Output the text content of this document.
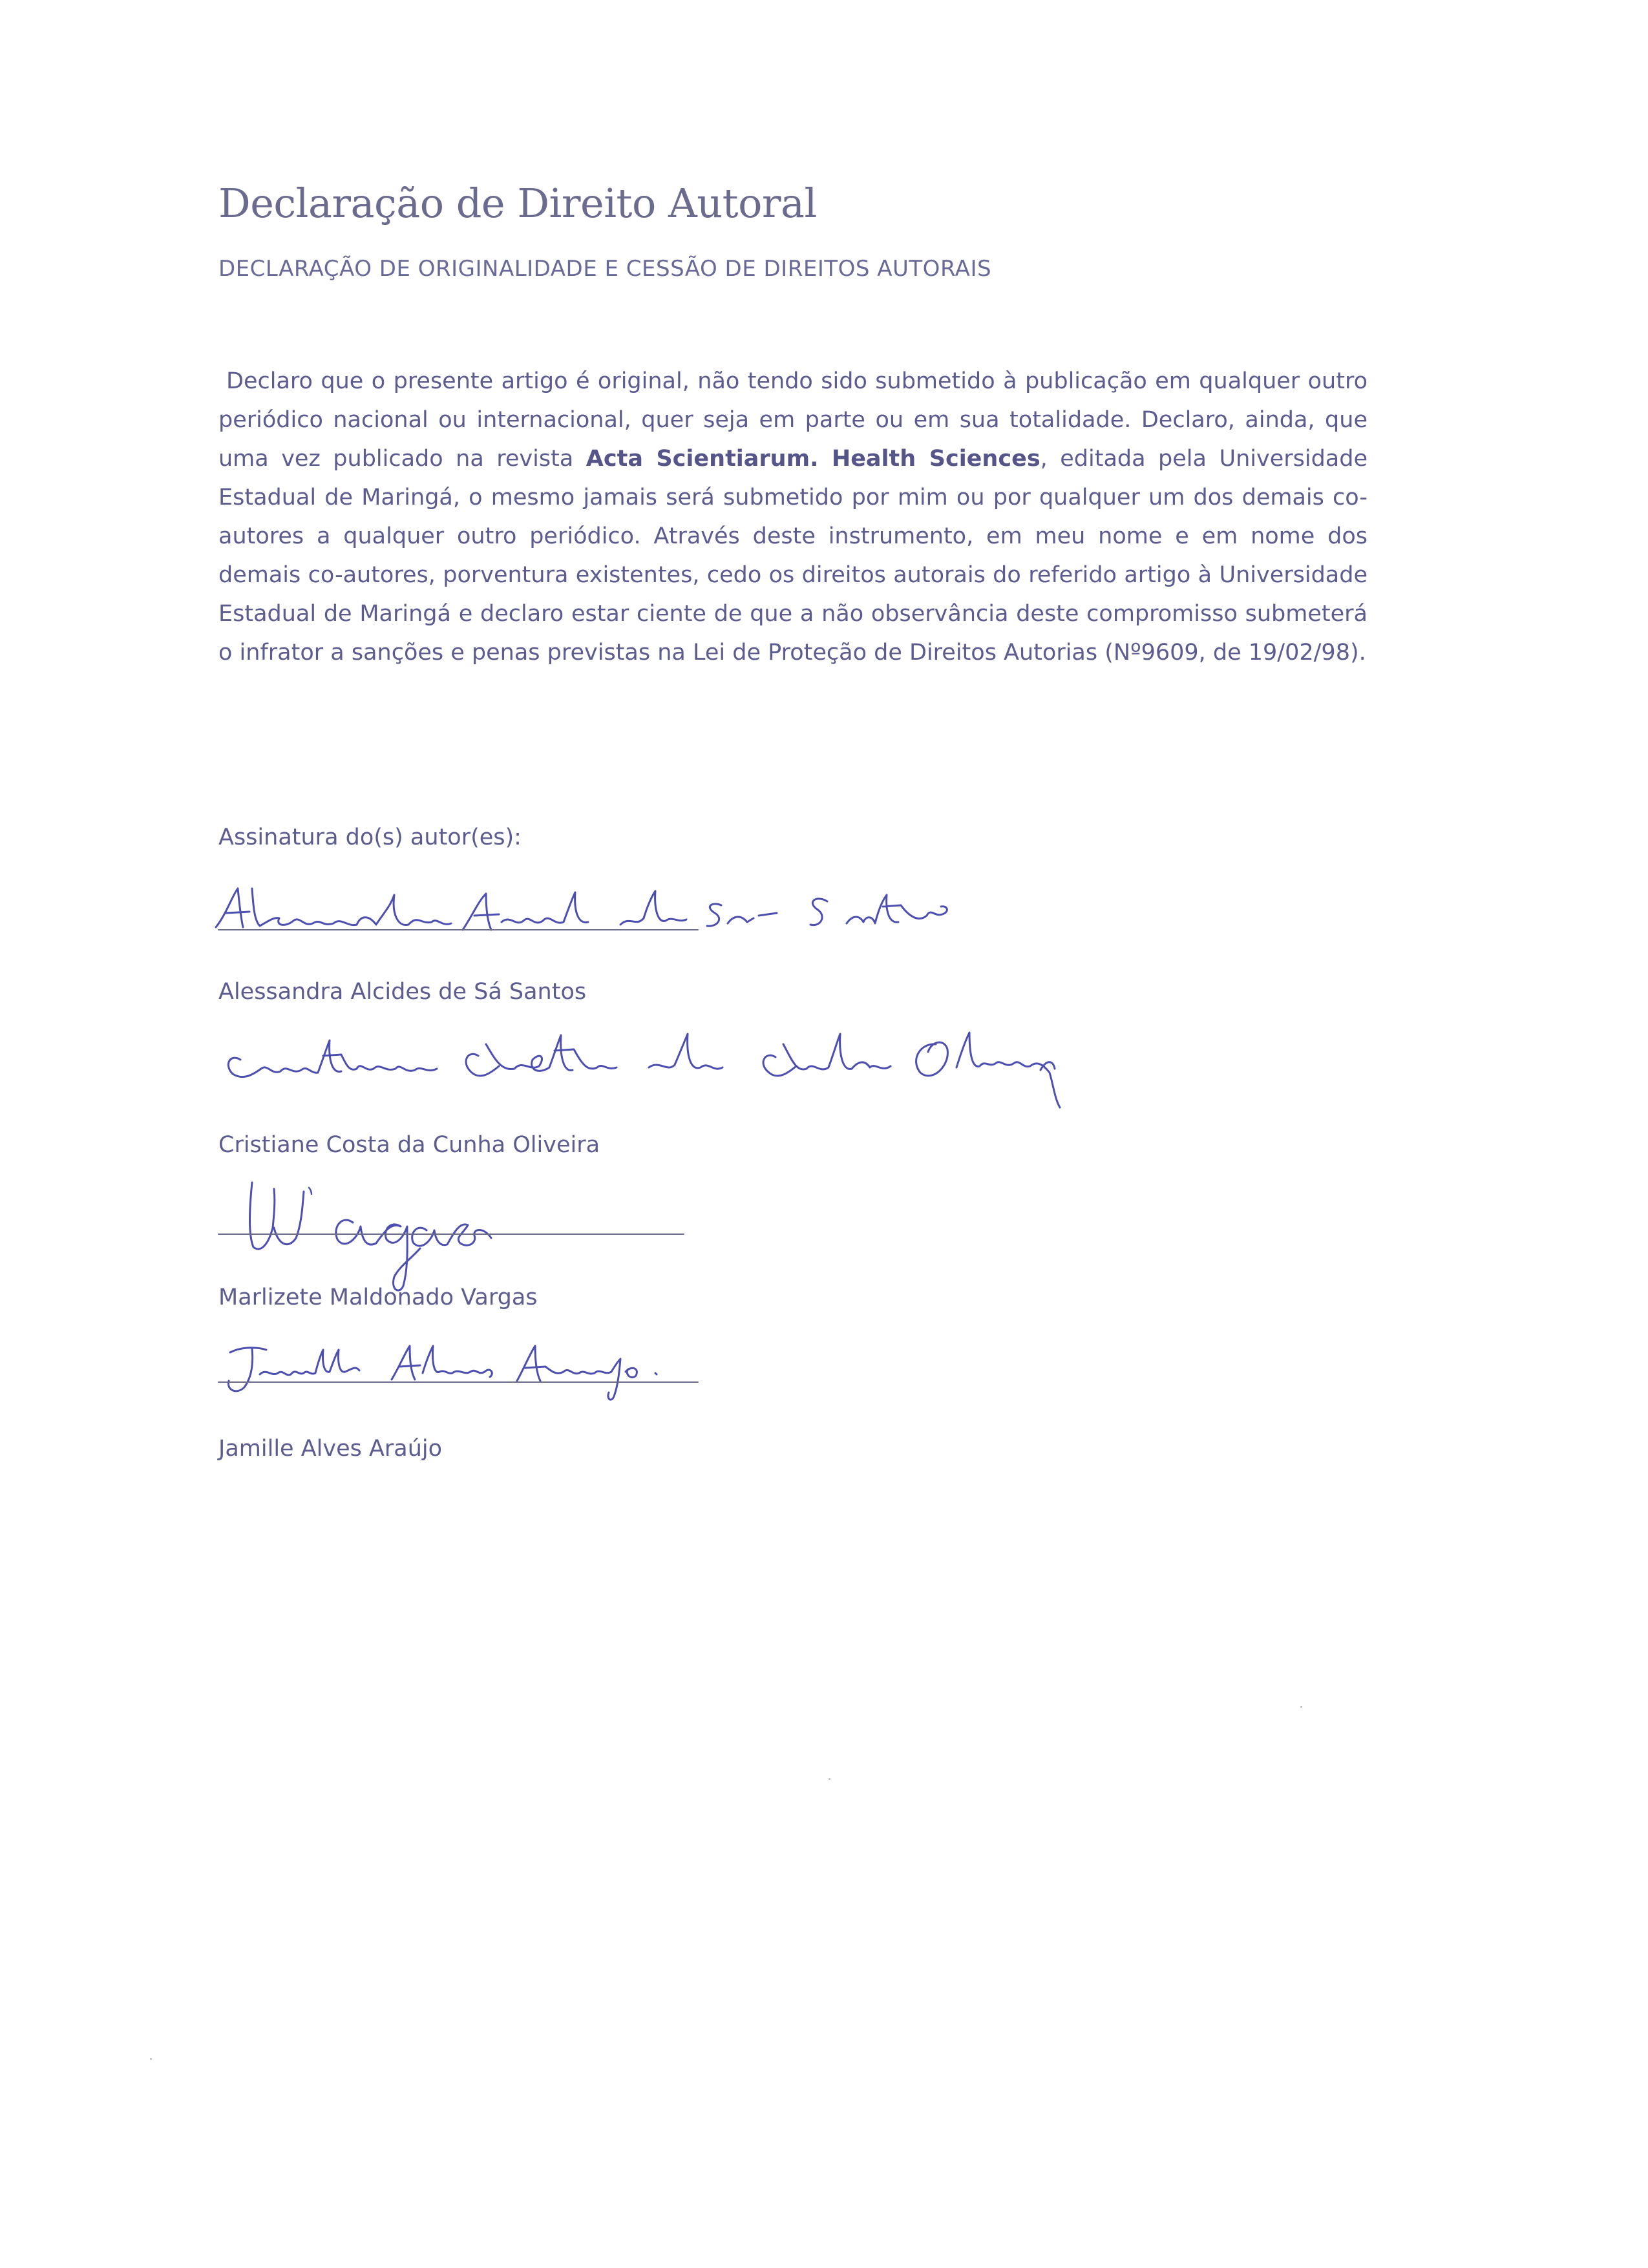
Declaração de Direito Autoral
DECLARAÇÃO DE ORIGINALIDADE E CESSÃO DE DIREITOS AUTORAIS
Declaro que o presente artigo é original, não tendo sido submetido à publicação em qualquer outro periódico nacional ou internacional, quer seja em parte ou em sua totalidade. Declaro, ainda, que uma vez publicado na revista Acta Scientiarum. Health Sciences, editada pela Universidade Estadual de Maringá, o mesmo jamais será submetido por mim ou por qualquer um dos demais co-autores a qualquer outro periódico. Através deste instrumento, em meu nome e em nome dos demais co-autores, porventura existentes, cedo os direitos autorais do referido artigo à Universidade Estadual de Maringá e declaro estar ciente de que a não observância deste compromisso submeterá o infrator a sanções e penas previstas na Lei de Proteção de Direitos Autorias (Nº9609, de 19/02/98).
Assinatura do(s) autor(es):
Alessandra Alcides de Sá Santos
Cristiane Costa da Cunha Oliveira
Marlizete Maldonado Vargas
Jamille Alves Araújo
